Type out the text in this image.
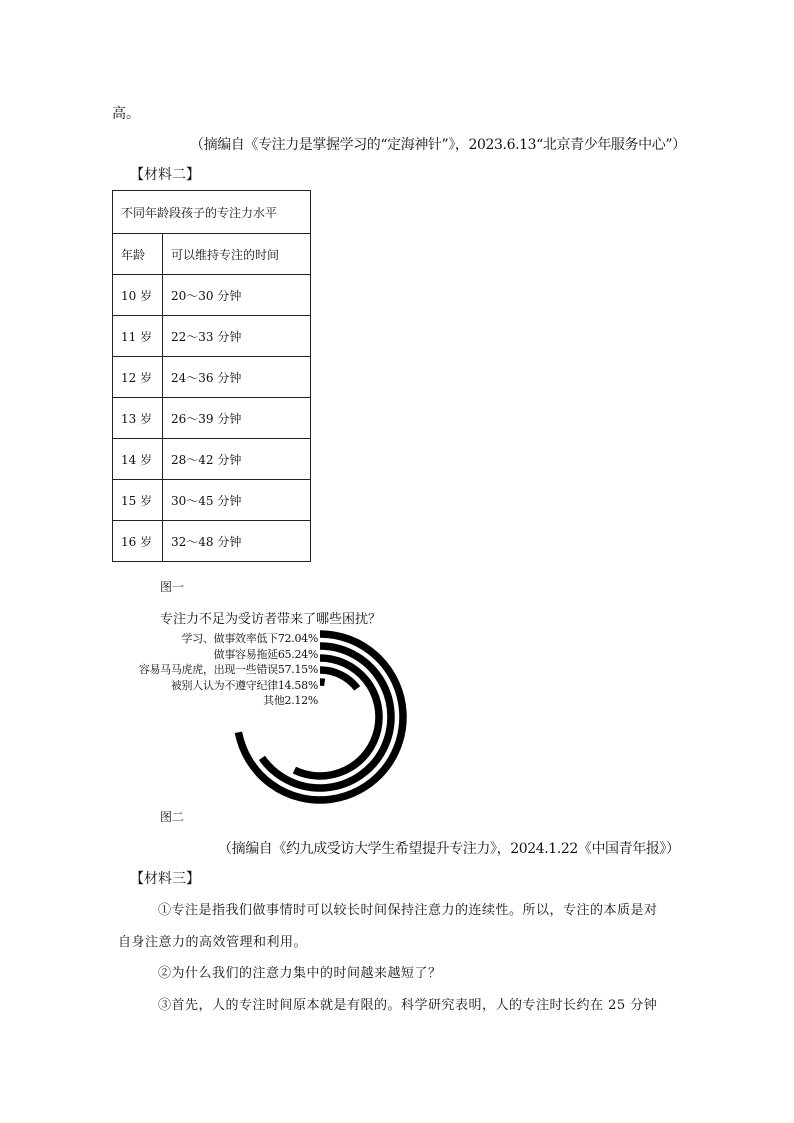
高。
（摘编自《专注力是掌握学习的“定海神针”》，2023.6.13“北京青少年服务中心”）
【材料二】
不同年龄段孩子的专注力水平	
年龄	可以维持专注的时间
10 岁	20～30 分钟
11 岁	22～33 分钟
12 岁	24～36 分钟
13 岁	26～39 分钟
14 岁	28～42 分钟
15 岁	30～45 分钟
16 岁	32～48 分钟
图一
专注力不足为受访者带来了哪些困扰？
学习、做事效率低下72.04%
做事容易拖延65.24%
容易马马虎虎，出现一些错误57.15%
被别人认为不遵守纪律14.58%
其他2.12%
图二
（摘编自《约九成受访大学生希望提升专注力》，2024.1.22《中国青年报》）
【材料三】
①专注是指我们做事情时可以较长时间保持注意力的连续性。所以，专注的本质是对
自身注意力的高效管理和利用。
②为什么我们的注意力集中的时间越来越短了？
③首先，人的专注时间原本就是有限的。科学研究表明，人的专注时长约在 25 分钟
